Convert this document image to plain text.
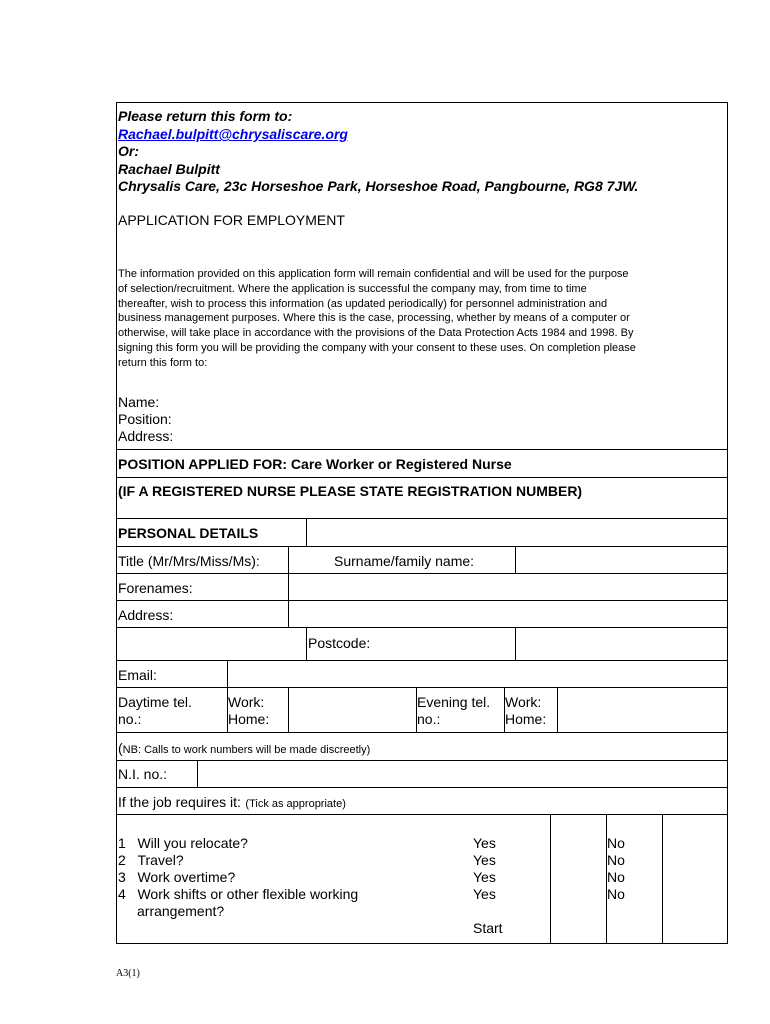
Please return this form to:
Rachael.bulpitt@chrysaliscare.org
Or:
Rachael Bulpitt
Chrysalis Care, 23c Horseshoe Park, Horseshoe Road, Pangbourne, RG8 7JW.
APPLICATION FOR EMPLOYMENT
The information provided on this application form will remain confidential and will be used for the purpose
of selection/recruitment. Where the application is successful the company may, from time to time
thereafter, wish to process this information (as updated periodically) for personnel administration and
business management purposes. Where this is the case, processing, whether by means of a computer or
otherwise, will take place in accordance with the provisions of the Data Protection Acts 1984 and 1998. By
signing this form you will be providing the company with your consent to these uses. On completion please
return this form to:
Name:
Position:
Address:
POSITION APPLIED FOR: Care Worker or Registered Nurse
(IF A REGISTERED NURSE PLEASE STATE REGISTRATION NUMBER)
PERSONAL DETAILS
Title (Mr/Mrs/Miss/Ms):	Surname/family name:
Forenames:
Address:
Postcode:
Email:
Daytime tel.
no.:
Work:
Home:
Evening tel.
no.:
Work:
Home:
(NB: Calls to work numbers will be made discreetly)
N.I. no.:
If the job requires it: (Tick as appropriate)
1 Will you relocate?
2 Travel?
3 Work overtime?
4 Work shifts or other flexible working
arrangement?
Yes
Yes
Yes
Yes
Start
No
No
No
No
A3(1)
